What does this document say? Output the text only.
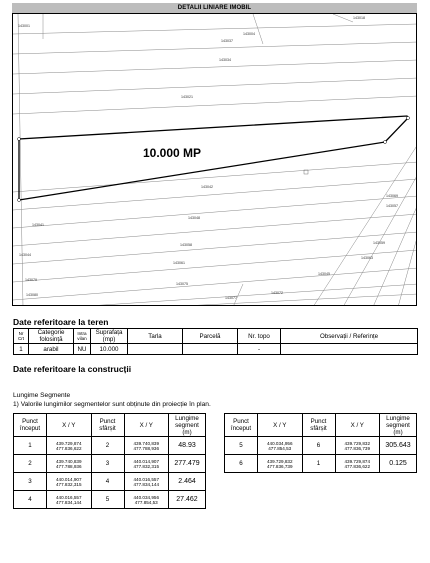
DETALII LINIARE IMOBIL
10.000 MP
143001
143004
143018
143037
143034
143021
143042
143048
143058
143061
143075
143077
143072
143045
143063
143059
143057
143069
143041
143044
143079
143080
Date referitoare la teren
Nr Crt	Categorie folosință	Intra vilan	Suprafața (mp)	Tarla	Parcelă	Nr. topo	Observații / Referințe
1	arabil	NU	10.000			-	
Date referitoare la construcții
Lungime Segmente
1) Valorile lungimilor segmentelor sunt obținute din proiecție în plan.
Punct început	X / Y	Punct sfârșit	X / Y	Lungime segment (m)
1	439.729,874
477.836,622	2	439.740,839
477.788,936	48.93
2	439.740,839
477.788,936	3	440.014,907
477.832,315	277.479
3	440.014,907
477.832,315	4	440.016,557
477.834,144	2.464
4	440.016,557
477.834,144	5	440.034,956
477.854,53	27.462
Punct început	X / Y	Punct sfârșit	X / Y	Lungime segment (m)
5	440.034,956
477.854,53	6	439.729,832
477.836,739	305.643
6	439.729,832
477.836,739	1	439.729,874
477.836,622	0.125
